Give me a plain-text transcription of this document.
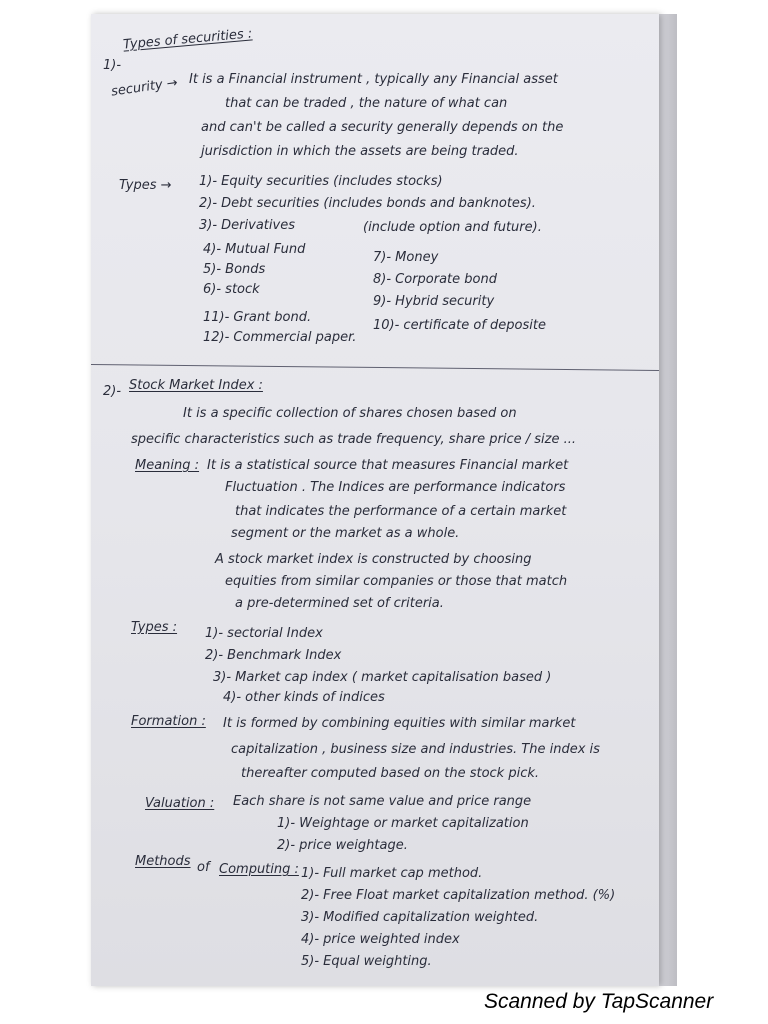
1)-
Types of securities :
security → It is a Financial instrument , typically any Financial asset
that can be traded , the nature of what can
and can't be called a security generally depends on the
jurisdiction in which the assets are being traded.
Types → 1)- Equity securities (includes stocks)
2)- Debt securities (includes bonds and banknotes).
3)- Derivatives	(include option and future).
4)- Mutual Fund
5)- Bonds
6)- stock
11)- Grant bond.
12)- Commercial paper.
7)- Money
8)- Corporate bond
9)- Hybrid security
10)- certificate of deposite
2)- Stock Market Index :
It is a specific collection of shares chosen based on
specific characteristics such as trade frequency, share price / size ...
Meaning : It is a statistical source that measures Financial market
Fluctuation . The Indices are performance indicators
that indicates the performance of a certain market
segment or the market as a whole.
A stock market index is constructed by choosing
equities from similar companies or those that match
a pre-determined set of criteria.
Types : 1)- sectorial Index
2)- Benchmark Index
3)- Market cap index ( market capitalisation based )
4)- other kinds of indices
Formation : It is formed by combining equities with similar market
capitalization , business size and industries. The index is
thereafter computed based on the stock pick.
Valuation : Each share is not same value and price range
1)- Weightage or market capitalization
2)- price weightage.
Methods of Computing : 1)- Full market cap method.
2)- Free Float market capitalization method. (%)
3)- Modified capitalization weighted.
4)- price weighted index
5)- Equal weighting.
Scanned by TapScanner
